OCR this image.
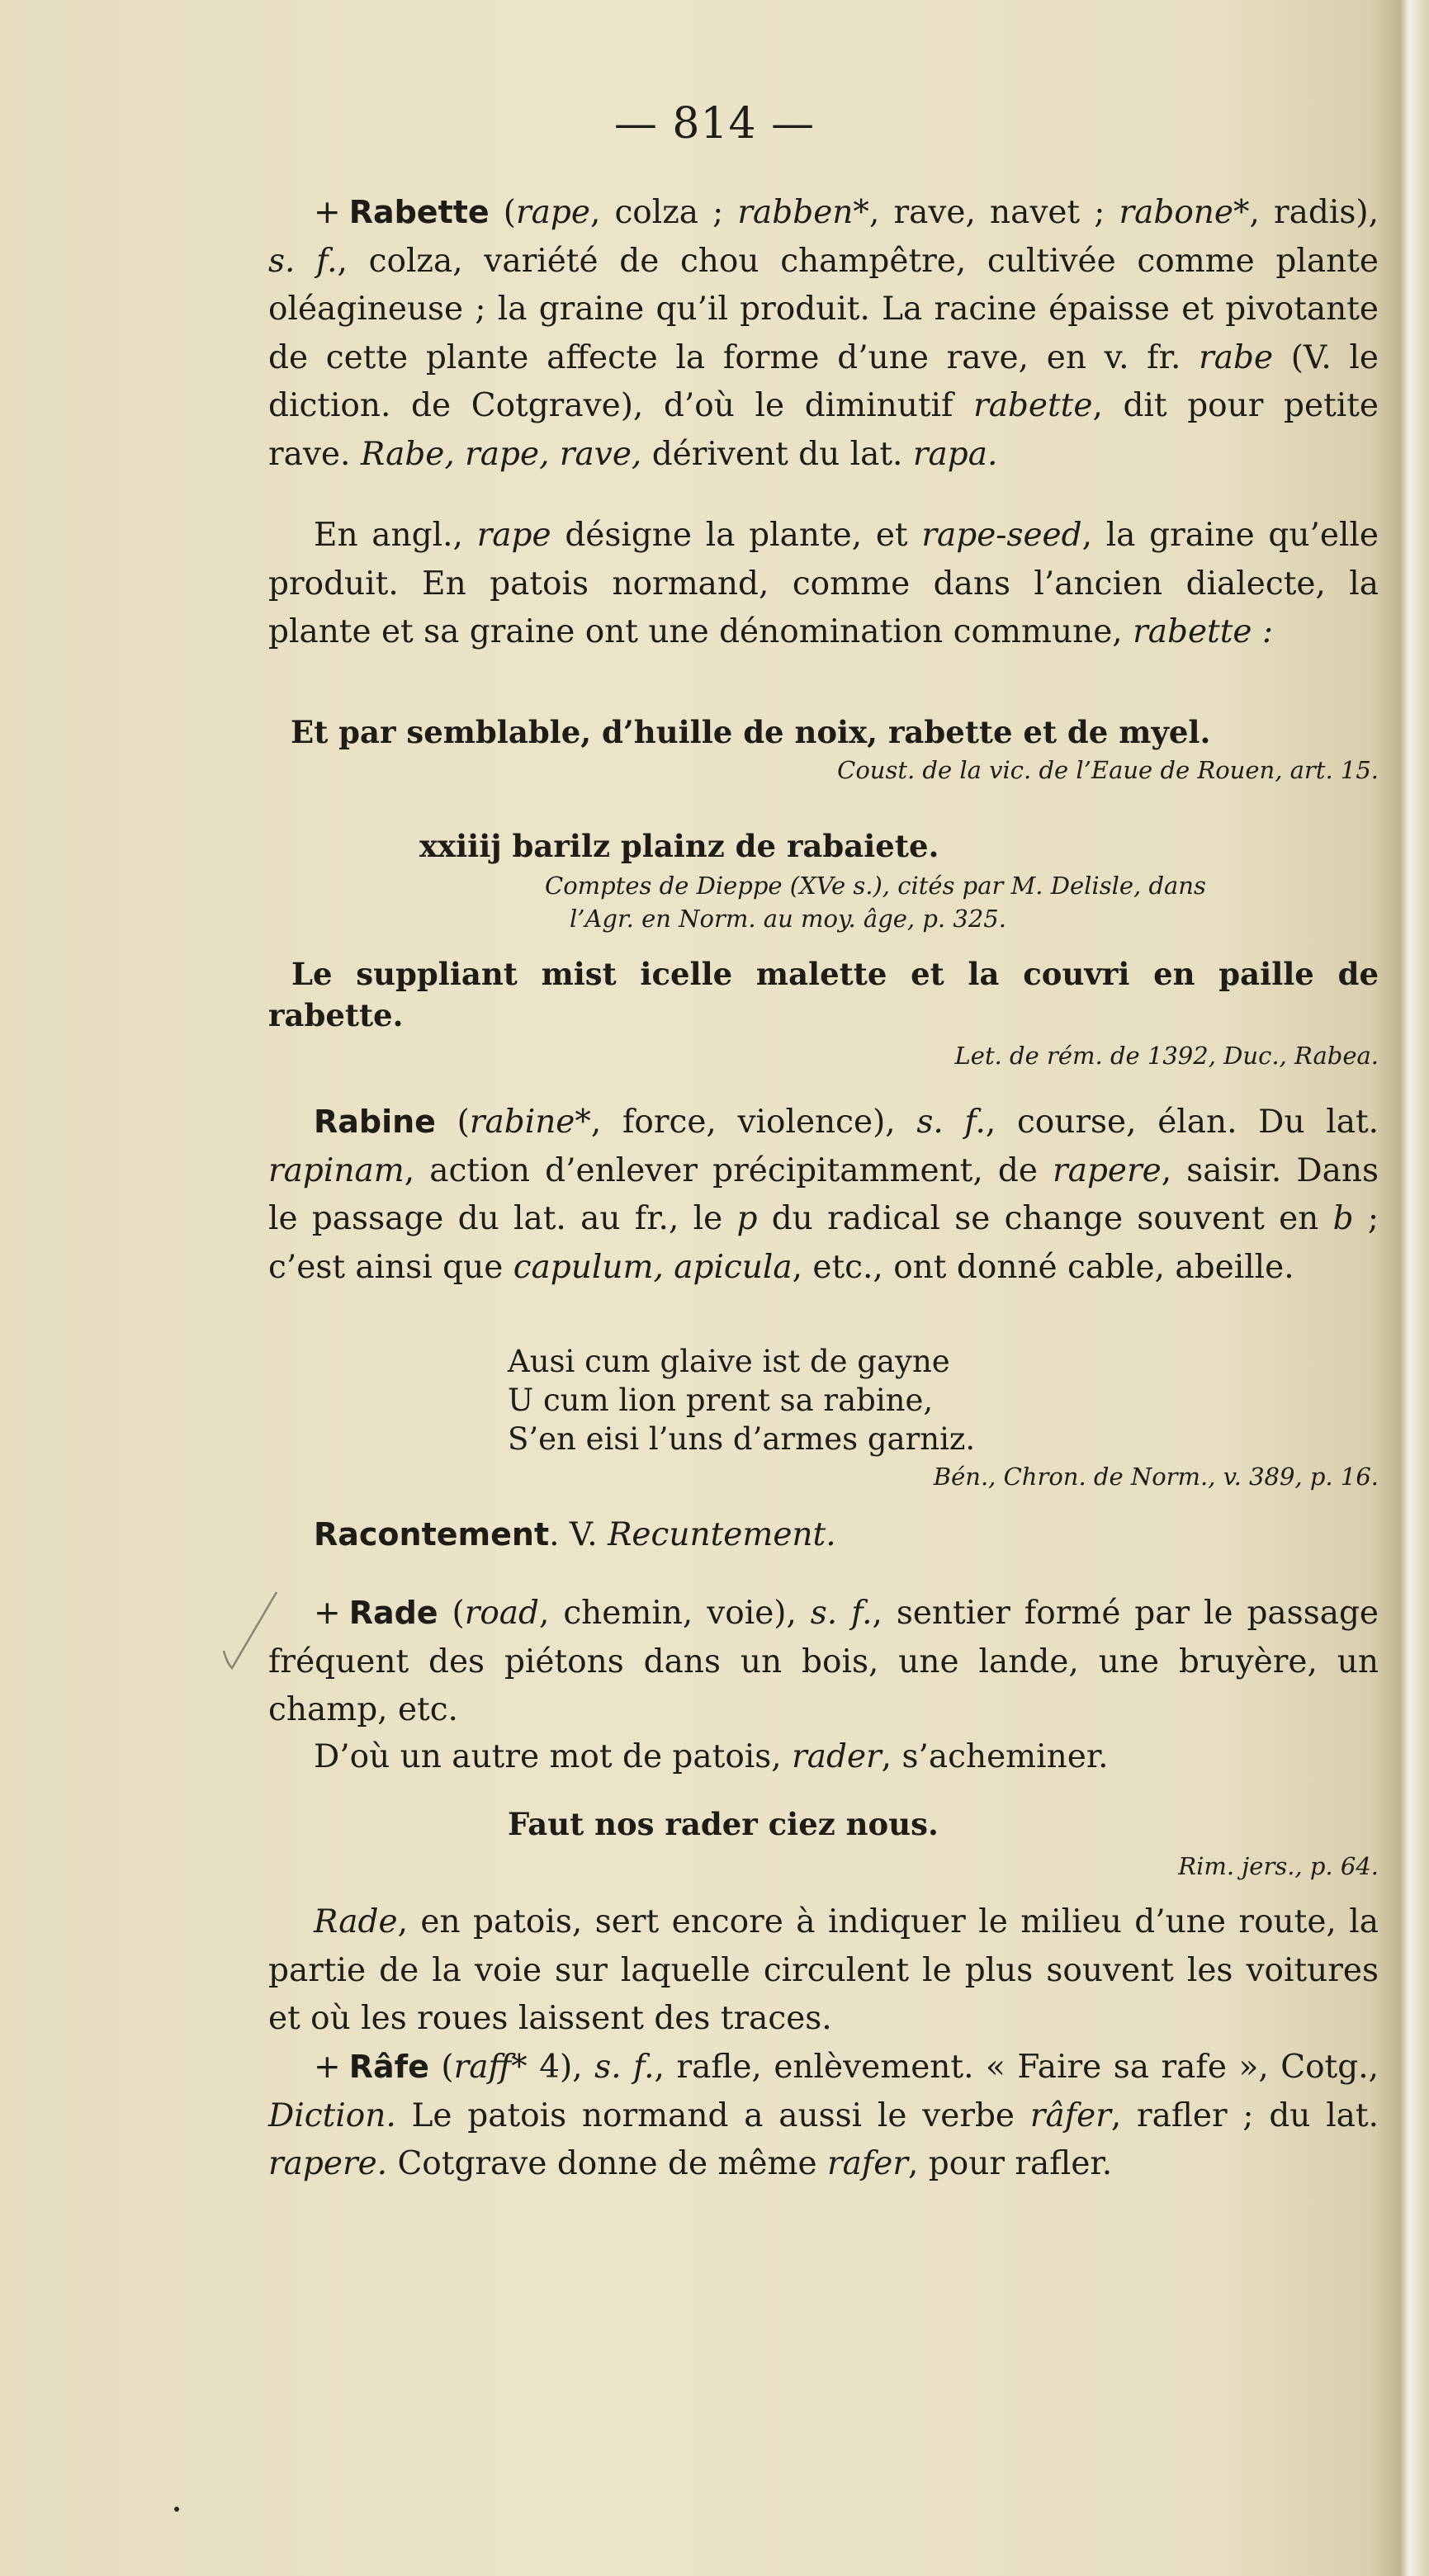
— 814 —
+ Rabette (rape, colza ; rabben*, rave, navet ; rabone*, radis), s. f., colza, variété de chou champêtre, cultivée comme plante oléagineuse ; la graine qu’il produit. La racine épaisse et pivotante de cette plante affecte la forme d’une rave, en v. fr. rabe (V. le diction. de Cotgrave), d’où le diminutif rabette, dit pour petite rave. Rabe, rape, rave, dérivent du lat. rapa.
En angl., rape désigne la plante, et rape-seed, la graine qu’elle produit. En patois normand, comme dans l’ancien dialecte, la plante et sa graine ont une dénomination commune, rabette :
Et par semblable, d’huille de noix, rabette et de myel.
Coust. de la vic. de l’Eaue de Rouen, art. 15.
xxiiij barilz plainz de rabaiete.
Comptes de Dieppe (XVe s.), cités par M. Delisle, dans
l’Agr. en Norm. au moy. âge, p. 325.
Le suppliant mist icelle malette et la couvri en paille de rabette.
Let. de rém. de 1392, Duc., Rabea.
Rabine (rabine*, force, violence), s. f., course, élan. Du lat. rapinam, action d’enlever précipitamment, de rapere, saisir. Dans le passage du lat. au fr., le p du radical se change souvent en b ; c’est ainsi que capulum, apicula, etc., ont donné cable, abeille.
Ausi cum glaive ist de gayne
U cum lion prent sa rabine,
S’en eisi l’uns d’armes garniz.
Bén., Chron. de Norm., v. 389, p. 16.
Racontement. V. Recuntement.
+ Rade (road, chemin, voie), s. f., sentier formé par le passage fréquent des piétons dans un bois, une lande, une bruyère, un champ, etc.
D’où un autre mot de patois, rader, s’acheminer.
Faut nos rader ciez nous.
Rim. jers., p. 64.
Rade, en patois, sert encore à indiquer le milieu d’une route, la partie de la voie sur laquelle circulent le plus souvent les voitures et où les roues laissent des traces.
+ Râfe (raff* 4), s. f., rafle, enlèvement. « Faire sa rafe », Cotg., Diction. Le patois normand a aussi le verbe râfer, rafler ; du lat. rapere. Cotgrave donne de même rafer, pour rafler.
